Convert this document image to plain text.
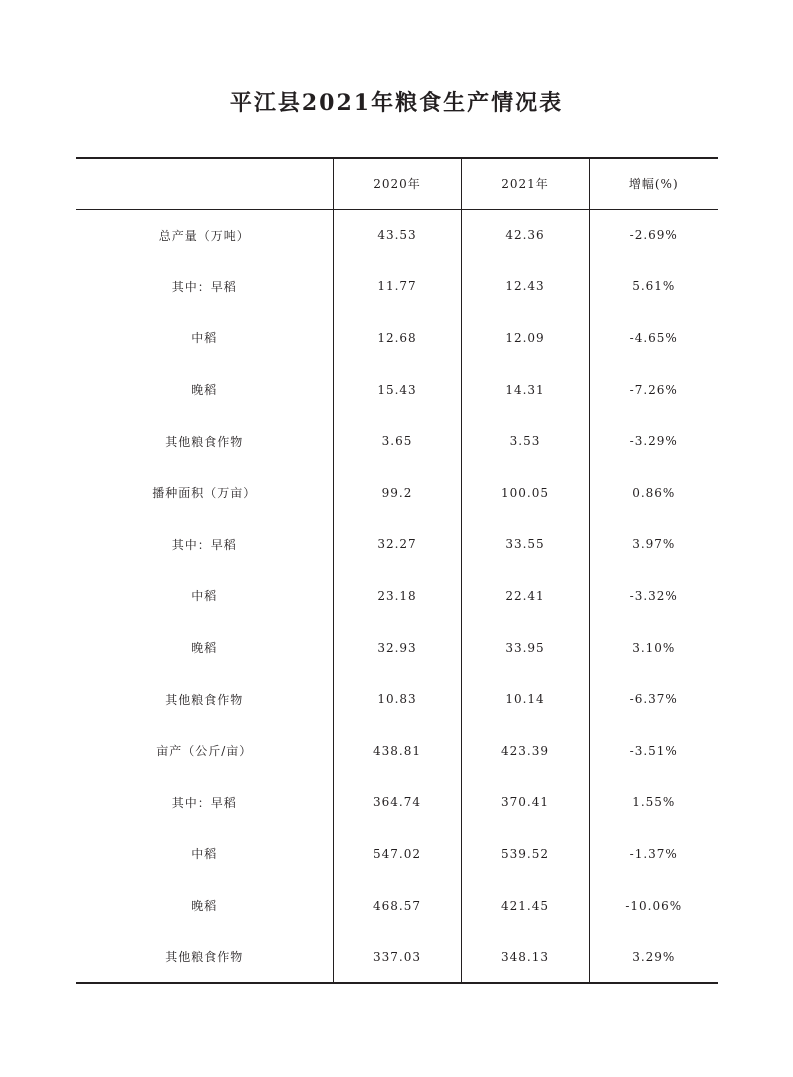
平江县2021年粮食生产情况表
	2020年	2021年	增幅(%)
总产量（万吨）	43.53	42.36	-2.69%
其中：早稻	11.77	12.43	5.61%
中稻	12.68	12.09	-4.65%
晚稻	15.43	14.31	-7.26%
其他粮食作物	3.65	3.53	-3.29%
播种面积（万亩）	99.2	100.05	0.86%
其中：早稻	32.27	33.55	3.97%
中稻	23.18	22.41	-3.32%
晚稻	32.93	33.95	3.10%
其他粮食作物	10.83	10.14	-6.37%
亩产（公斤/亩）	438.81	423.39	-3.51%
其中：早稻	364.74	370.41	1.55%
中稻	547.02	539.52	-1.37%
晚稻	468.57	421.45	-10.06%
其他粮食作物	337.03	348.13	3.29%
